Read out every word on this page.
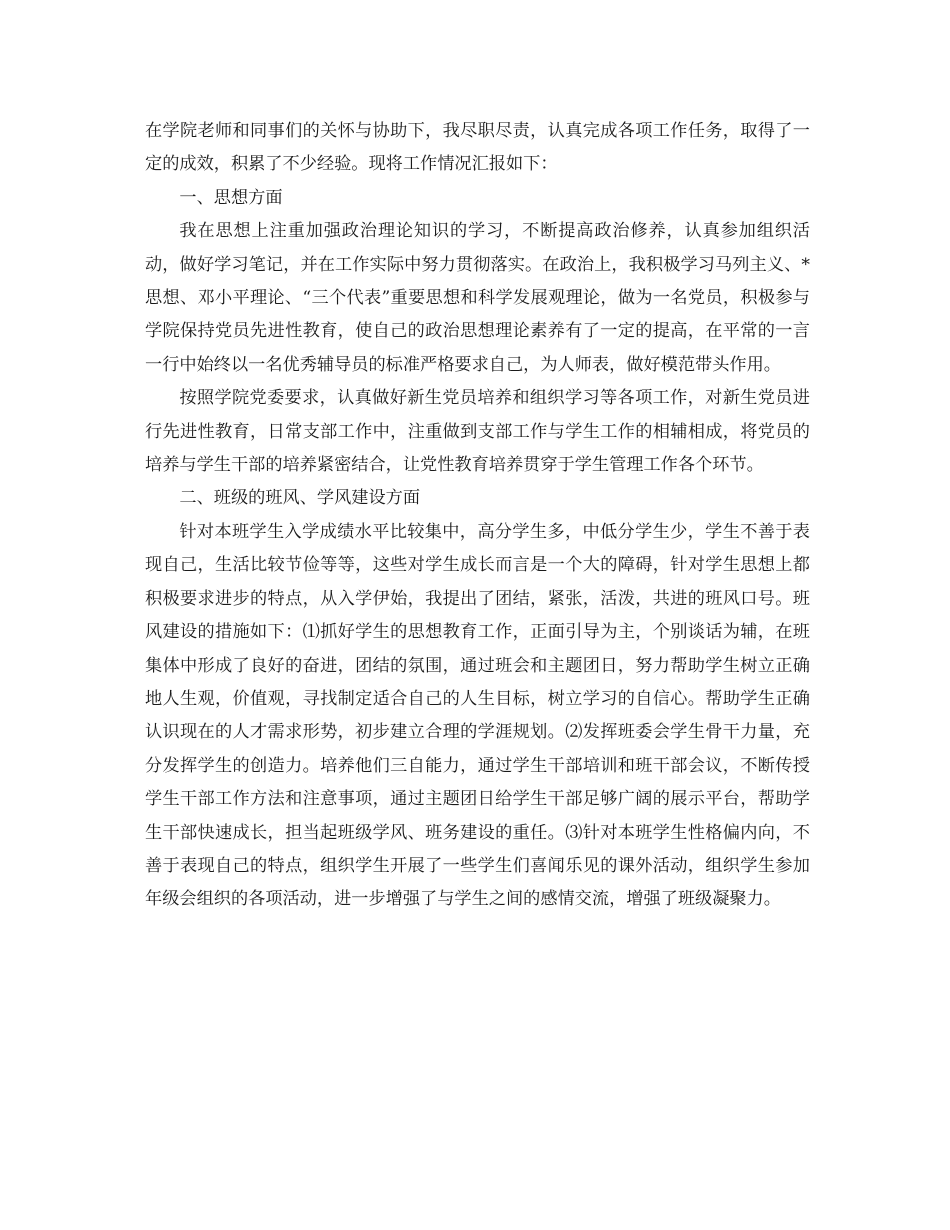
在学院老师和同事们的关怀与协助下，我尽职尽责，认真完成各项工作任务，取得了一定的成效，积累了不少经验。现将工作情况汇报如下：

一、思想方面

我在思想上注重加强政治理论知识的学习，不断提高政治修养，认真参加组织活动，做好学习笔记，并在工作实际中努力贯彻落实。在政治上，我积极学习马列主义、*思想、邓小平理论、“三个代表”重要思想和科学发展观理论，做为一名党员，积极参与学院保持党员先进性教育，使自己的政治思想理论素养有了一定的提高，在平常的一言一行中始终以一名优秀辅导员的标准严格要求自己，为人师表，做好模范带头作用。

按照学院党委要求，认真做好新生党员培养和组织学习等各项工作，对新生党员进行先进性教育，日常支部工作中，注重做到支部工作与学生工作的相辅相成，将党员的培养与学生干部的培养紧密结合，让党性教育培养贯穿于学生管理工作各个环节。

二、班级的班风、学风建设方面

针对本班学生入学成绩水平比较集中，高分学生多，中低分学生少，学生不善于表现自己，生活比较节俭等等，这些对学生成长而言是一个大的障碍，针对学生思想上都积极要求进步的特点，从入学伊始，我提出了团结，紧张，活泼，共进的班风口号。班风建设的措施如下：⑴抓好学生的思想教育工作，正面引导为主，个别谈话为辅，在班集体中形成了良好的奋进，团结的氛围，通过班会和主题团日，努力帮助学生树立正确地人生观，价值观，寻找制定适合自己的人生目标，树立学习的自信心。帮助学生正确认识现在的人才需求形势，初步建立合理的学涯规划。⑵发挥班委会学生骨干力量，充分发挥学生的创造力。培养他们三自能力，通过学生干部培训和班干部会议，不断传授学生干部工作方法和注意事项，通过主题团日给学生干部足够广阔的展示平台，帮助学生干部快速成长，担当起班级学风、班务建设的重任。⑶针对本班学生性格偏内向，不善于表现自己的特点，组织学生开展了一些学生们喜闻乐见的课外活动，组织学生参加年级会组织的各项活动，进一步增强了与学生之间的感情交流，增强了班级凝聚力。
